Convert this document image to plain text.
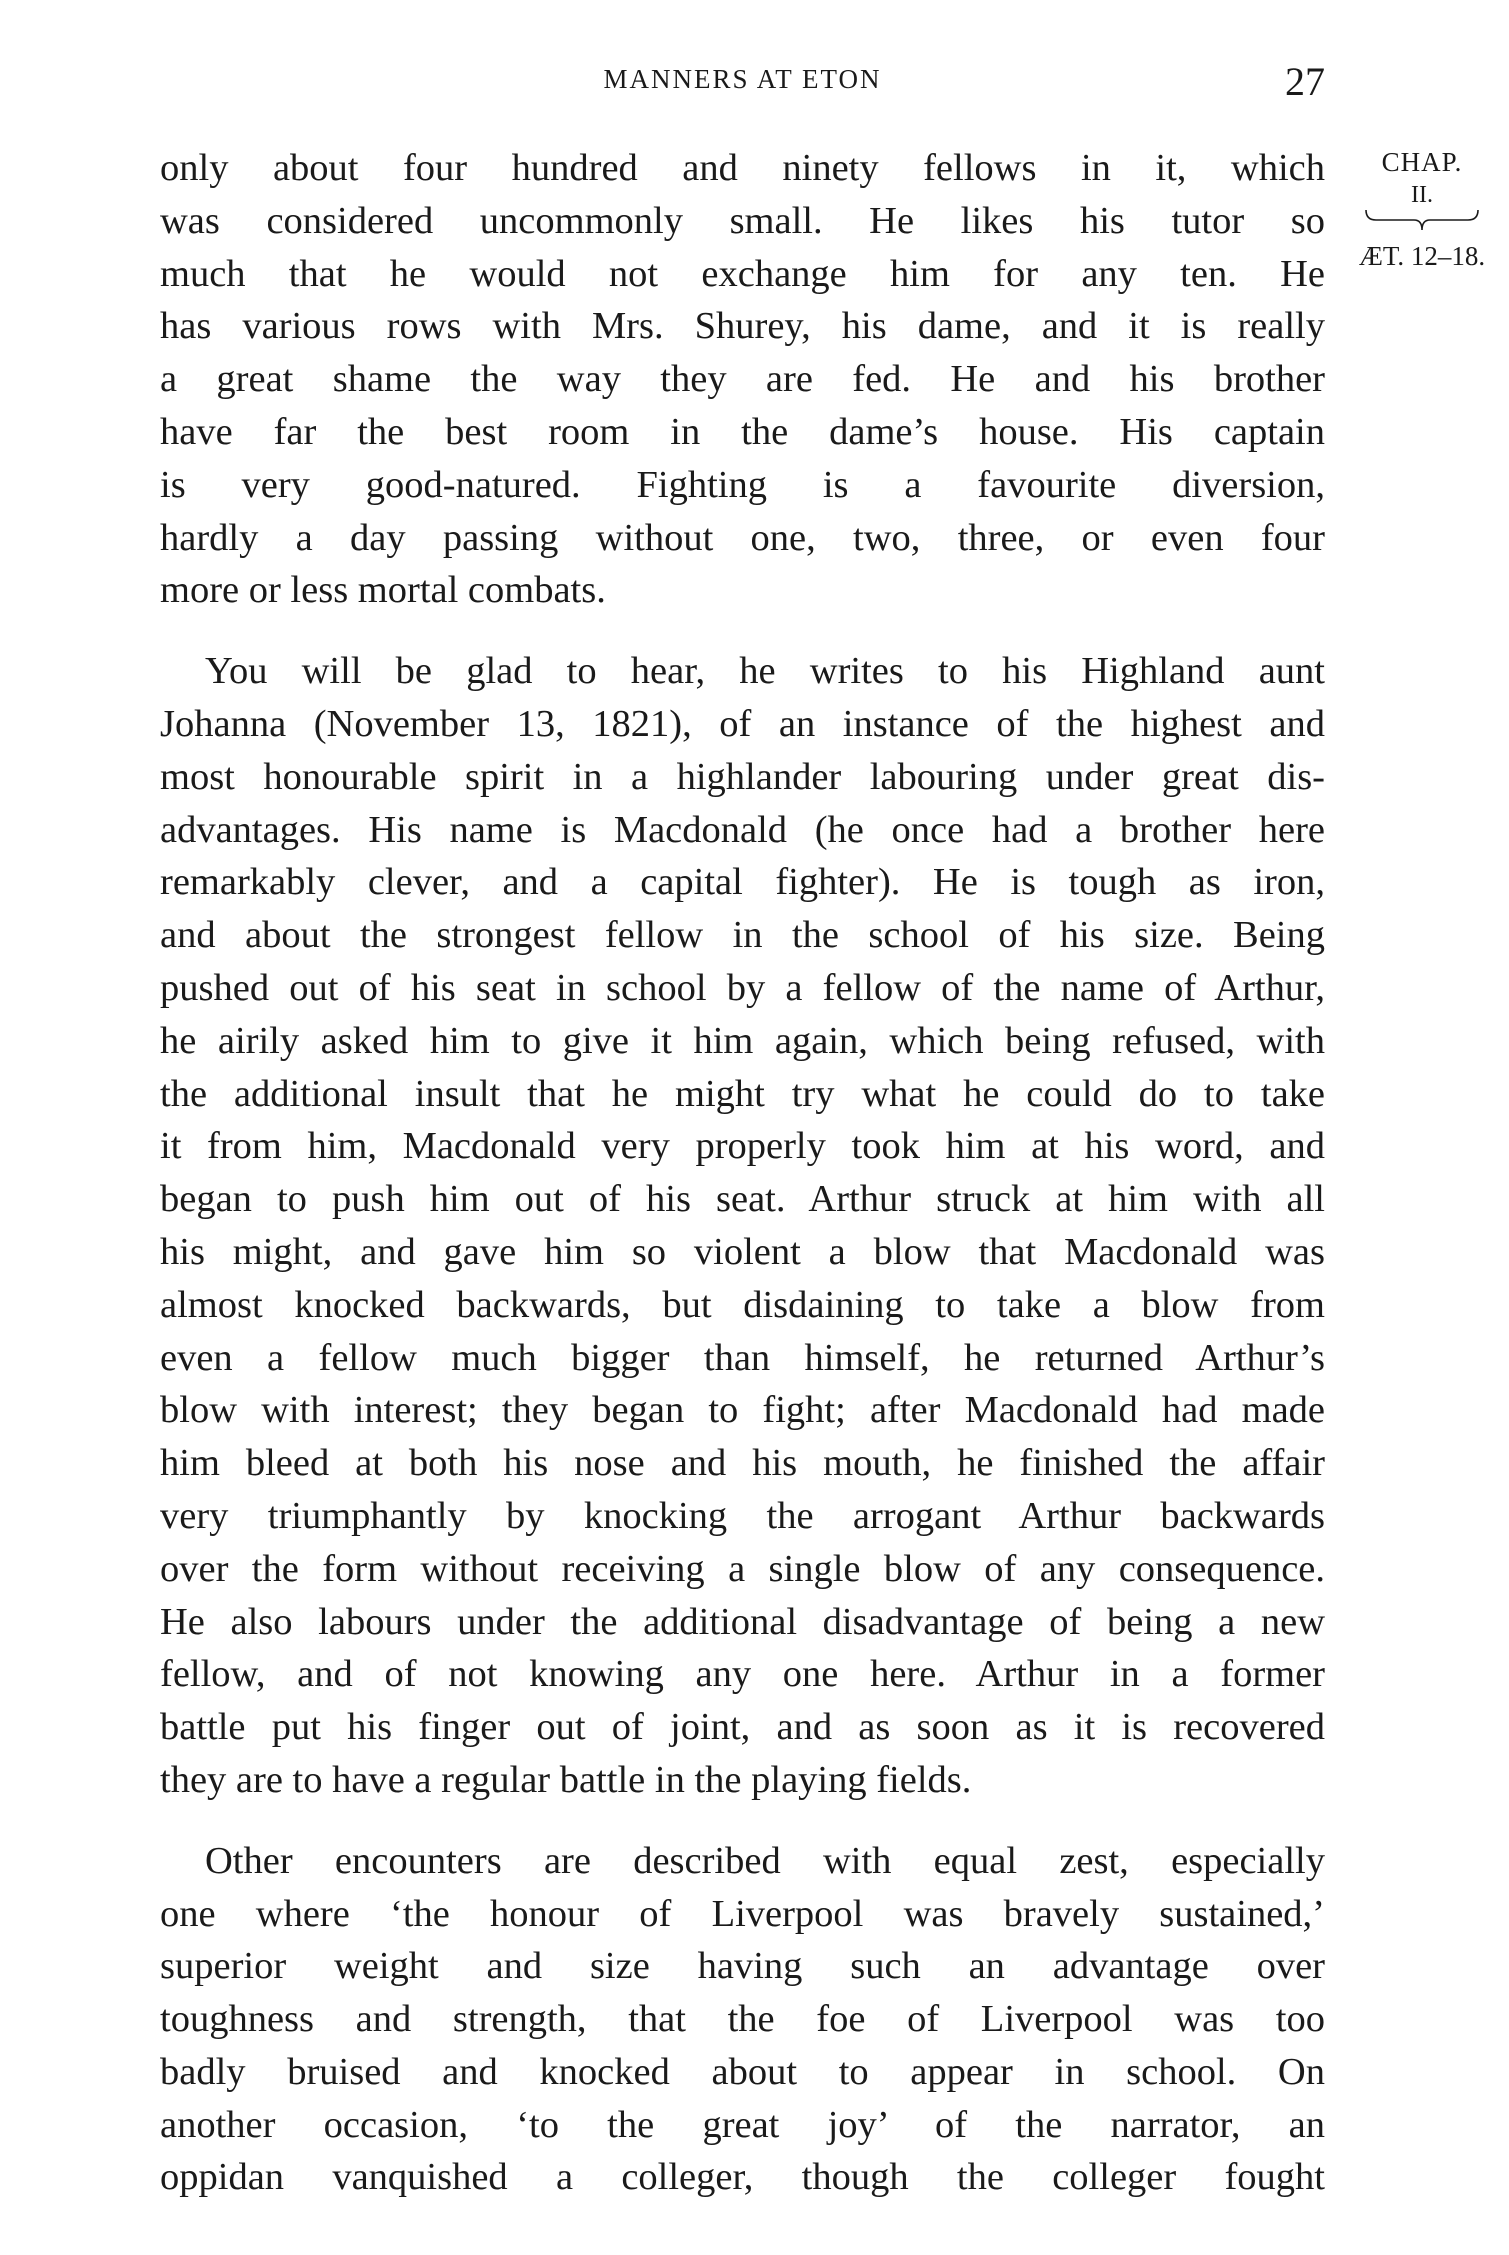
MANNERS AT ETON	27
CHAP.
II.
ÆT. 12–18.
only about four hundred and ninety fellows in it, which
was considered uncommonly small. He likes his tutor so
much that he would not exchange him for any ten. He
has various rows with Mrs. Shurey, his dame, and it is really
a great shame the way they are fed. He and his brother
have far the best room in the dame’s house. His captain
is very good-natured. Fighting is a favourite diversion,
hardly a day passing without one, two, three, or even four
more or less mortal combats.
You will be glad to hear, he writes to his Highland aunt
Johanna (November 13, 1821), of an instance of the highest and
most honourable spirit in a highlander labouring under great dis-
advantages. His name is Macdonald (he once had a brother here
remarkably clever, and a capital fighter). He is tough as iron,
and about the strongest fellow in the school of his size. Being
pushed out of his seat in school by a fellow of the name of Arthur,
he airily asked him to give it him again, which being refused, with
the additional insult that he might try what he could do to take
it from him, Macdonald very properly took him at his word, and
began to push him out of his seat. Arthur struck at him with all
his might, and gave him so violent a blow that Macdonald was
almost knocked backwards, but disdaining to take a blow from
even a fellow much bigger than himself, he returned Arthur’s
blow with interest; they began to fight; after Macdonald had made
him bleed at both his nose and his mouth, he finished the affair
very triumphantly by knocking the arrogant Arthur backwards
over the form without receiving a single blow of any consequence.
He also labours under the additional disadvantage of being a new
fellow, and of not knowing any one here. Arthur in a former
battle put his finger out of joint, and as soon as it is recovered
they are to have a regular battle in the playing fields.
Other encounters are described with equal zest, especially
one where ‘the honour of Liverpool was bravely sustained,’
superior weight and size having such an advantage over
toughness and strength, that the foe of Liverpool was too
badly bruised and knocked about to appear in school. On
another occasion, ‘to the great joy’ of the narrator, an
oppidan vanquished a colleger, though the colleger fought
